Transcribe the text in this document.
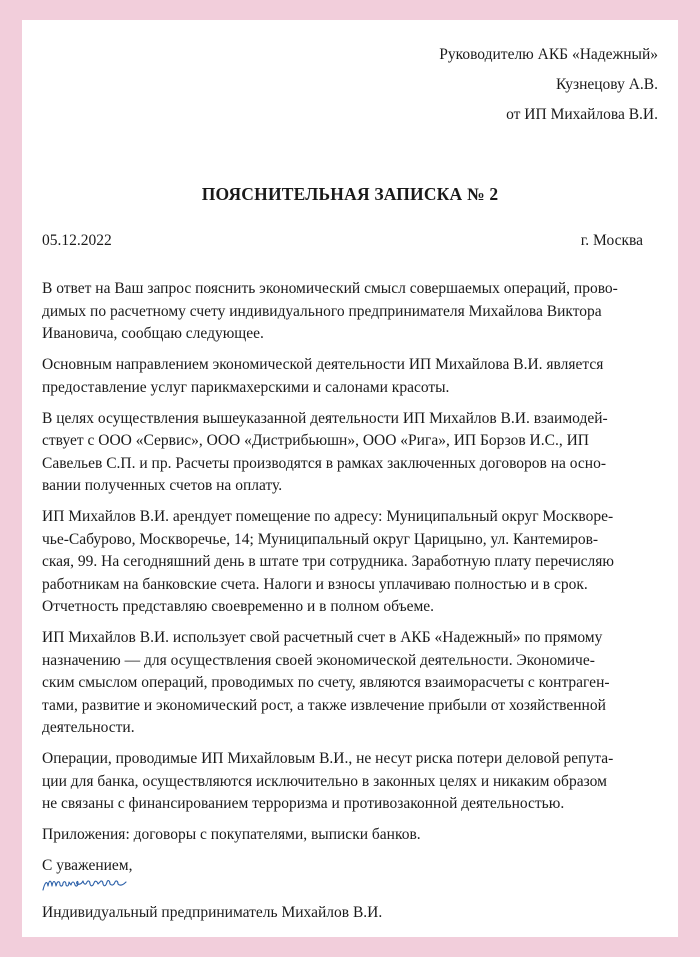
Руководителю АКБ «Надежный»
Кузнецову А.В.
от ИП Михайлова В.И.
ПОЯСНИТЕЛЬНАЯ ЗАПИСКА № 2
05.12.2022	г. Москва

В ответ на Ваш запрос пояснить экономический смысл совершаемых операций, прово-
димых по расчетному счету индивидуального предпринимателя Михайлова Виктора
Ивановича, сообщаю следующее.

Основным направлением экономической деятельности ИП Михайлова В.И. является
предоставление услуг парикмахерскими и салонами красоты.

В целях осуществления вышеуказанной деятельности ИП Михайлов В.И. взаимодей-
ствует с ООО «Сервис», ООО «Дистрибьюшн», ООО «Рига», ИП Борзов И.С., ИП
Савельев С.П. и пр. Расчеты производятся в рамках заключенных договоров на осно-
вании полученных счетов на оплату.

ИП Михайлов В.И. арендует помещение по адресу: Муниципальный округ Москворе-
чье-Сабурово, Москворечье, 14; Муниципальный округ Царицыно, ул. Кантемиров-
ская, 99. На сегодняшний день в штате три сотрудника. Заработную плату перечисляю
работникам на банковские счета. Налоги и взносы уплачиваю полностью и в срок.
Отчетность представляю своевременно и в полном объеме.

ИП Михайлов В.И. использует свой расчетный счет в АКБ «Надежный» по прямому
назначению — для осуществления своей экономической деятельности. Экономиче-
ским смыслом операций, проводимых по счету, являются взаиморасчеты с контраген-
тами, развитие и экономический рост, а также извлечение прибыли от хозяйственной
деятельности.

Операции, проводимые ИП Михайловым В.И., не несут риска потери деловой репута-
ции для банка, осуществляются исключительно в законных целях и никаким образом
не связаны с финансированием терроризма и противозаконной деятельностью.

Приложения: договоры с покупателями, выписки банков.

С уважением,

Индивидуальный предприниматель Михайлов В.И.
